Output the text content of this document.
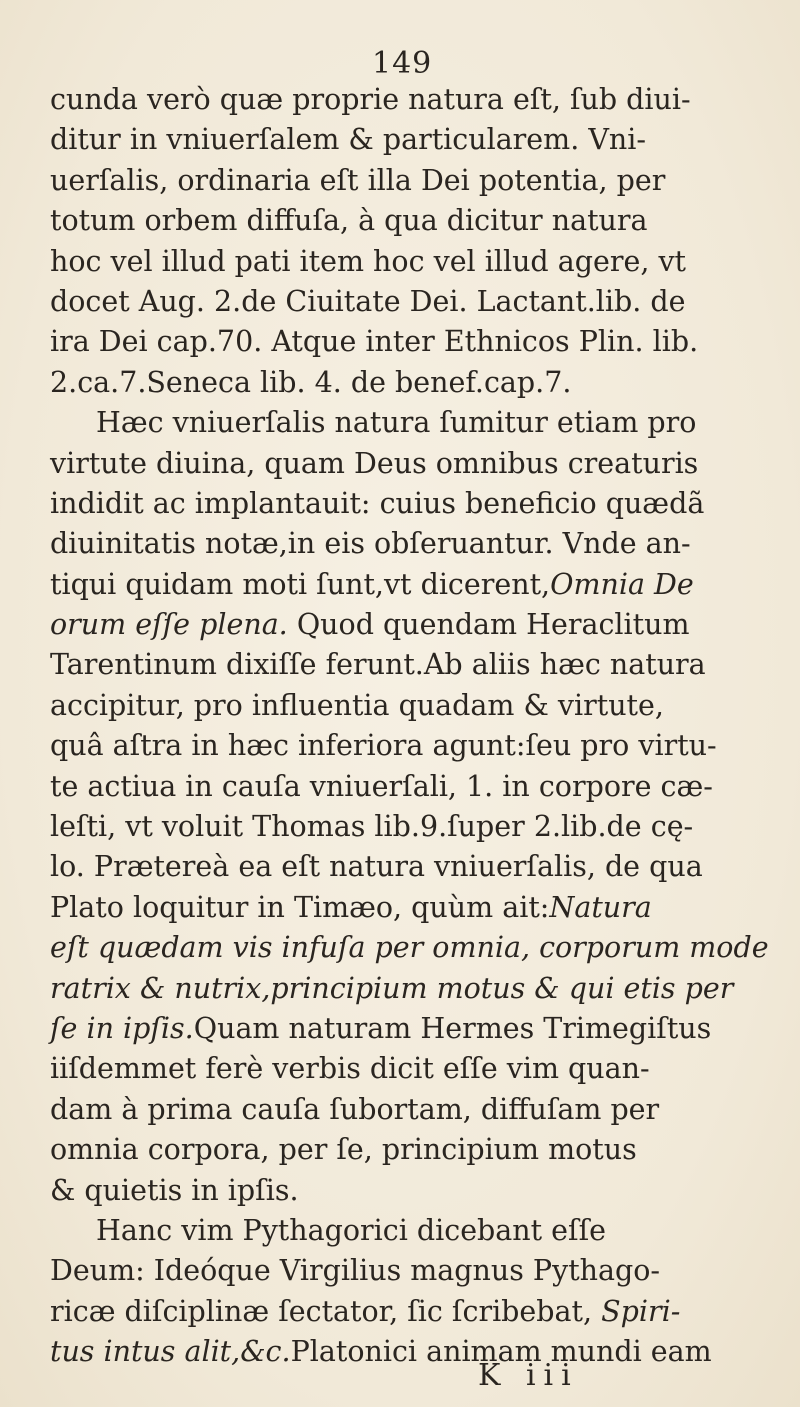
149
cunda verò quæ proprie natura eſt, ſub diui-
ditur in vniuerſalem & particularem. Vni-
uerſalis, ordinaria eſt illa Dei potentia, per
totum orbem diffuſa, à qua dicitur natura
hoc vel illud pati item hoc vel illud agere, vt
docet Aug. 2.de Ciuitate Dei. Lactant.lib. de
ira Dei cap.70. Atque inter Ethnicos Plin. lib.
2.ca.7.Seneca lib. 4. de benef.cap.7.
Hæc vniuerſalis natura ſumitur etiam pro
virtute diuina, quam Deus omnibus creaturis
indidit ac implantauit: cuius beneficio quædã
diuinitatis notæ,in eis obſeruantur. Vnde an-
tiqui quidam moti ſunt,vt dicerent,Omnia De
orum eſſe plena. Quod quendam Heraclitum
Tarentinum dixiſſe ferunt.Ab aliis hæc natura
accipitur, pro influentia quadam & virtute,
quâ aſtra in hæc inferiora agunt:ſeu pro virtu-
te actiua in cauſa vniuerſali, 1. in corpore cæ-
leſti, vt voluit Thomas lib.9.ſuper 2.lib.de cę-
lo. Prætereà ea eſt natura vniuerſalis, de qua
Plato loquitur in Timæo, quùm ait:Natura
eſt quædam vis infuſa per omnia, corporum mode
ratrix & nutrix,principium motus & qui etis per
ſe in ipſis.Quam naturam Hermes Trimegiſtus
iiſdemmet ferè verbis dicit eſſe vim quan-
dam à prima cauſa ſubortam, diffuſam per
omnia corpora, per ſe, principium motus
& quietis in ipſis.
Hanc vim Pythagorici dicebant eſſe
Deum: Ideóque Virgilius magnus Pythago-
ricæ diſciplinæ ſectator, ſic ſcribebat, Spiri-
tus intus alit,&c.Platonici animam mundi eam
K iii
